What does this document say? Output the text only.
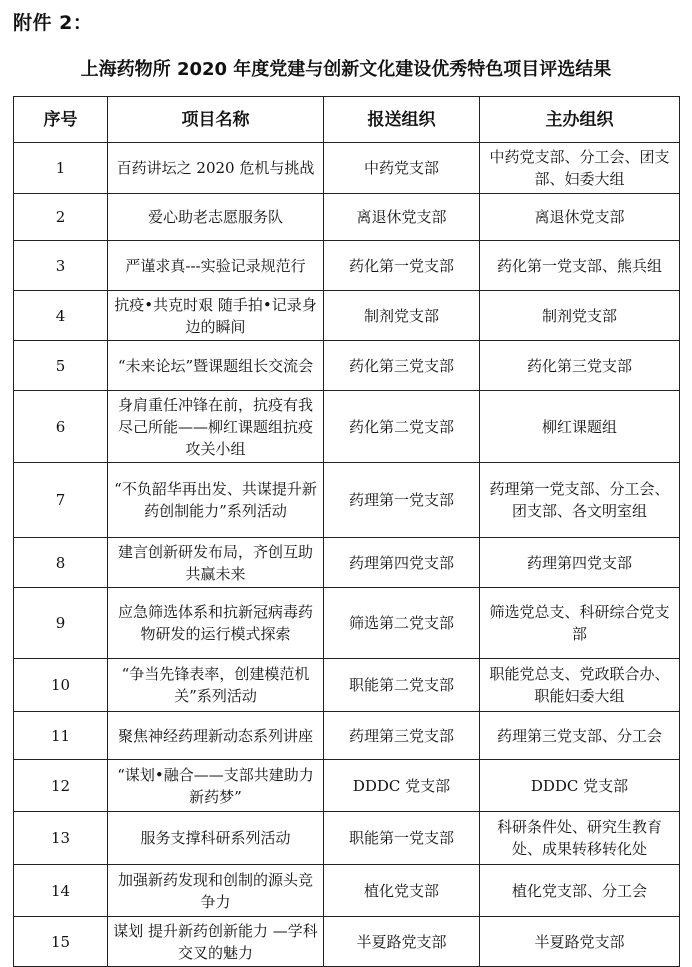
附件 2：
上海药物所 2020 年度党建与创新文化建设优秀特色项目评选结果
序号	项目名称	报送组织	主办组织
1	百药讲坛之 2020 危机与挑战	中药党支部	中药党支部、分工会、团支部、妇委大组
2	爱心助老志愿服务队	离退休党支部	离退休党支部
3	严谨求真---实验记录规范行	药化第一党支部	药化第一党支部、熊兵组
4	抗疫•共克时艰 随手拍•记录身边的瞬间	制剂党支部	制剂党支部
5	“未来论坛”暨课题组长交流会	药化第三党支部	药化第三党支部
6	身肩重任冲锋在前，抗疫有我尽己所能——柳红课题组抗疫攻关小组	药化第二党支部	柳红课题组
7	“不负韶华再出发、共谋提升新药创制能力”系列活动	药理第一党支部	药理第一党支部、分工会、团支部、各文明室组
8	建言创新研发布局，齐创互助共赢未来	药理第四党支部	药理第四党支部
9	应急筛选体系和抗新冠病毒药物研发的运行模式探索	筛选第二党支部	筛选党总支、科研综合党支部
10	“争当先锋表率，创建模范机关”系列活动	职能第二党支部	职能党总支、党政联合办、职能妇委大组
11	聚焦神经药理新动态系列讲座	药理第三党支部	药理第三党支部、分工会
12	“谋划•融合——支部共建助力新药梦”	DDDC 党支部	DDDC 党支部
13	服务支撑科研系列活动	职能第一党支部	科研条件处、研究生教育处、成果转移转化处
14	加强新药发现和创制的源头竞争力	植化党支部	植化党支部、分工会
15	谋划 提升新药创新能力 —学科交叉的魅力	半夏路党支部	半夏路党支部
